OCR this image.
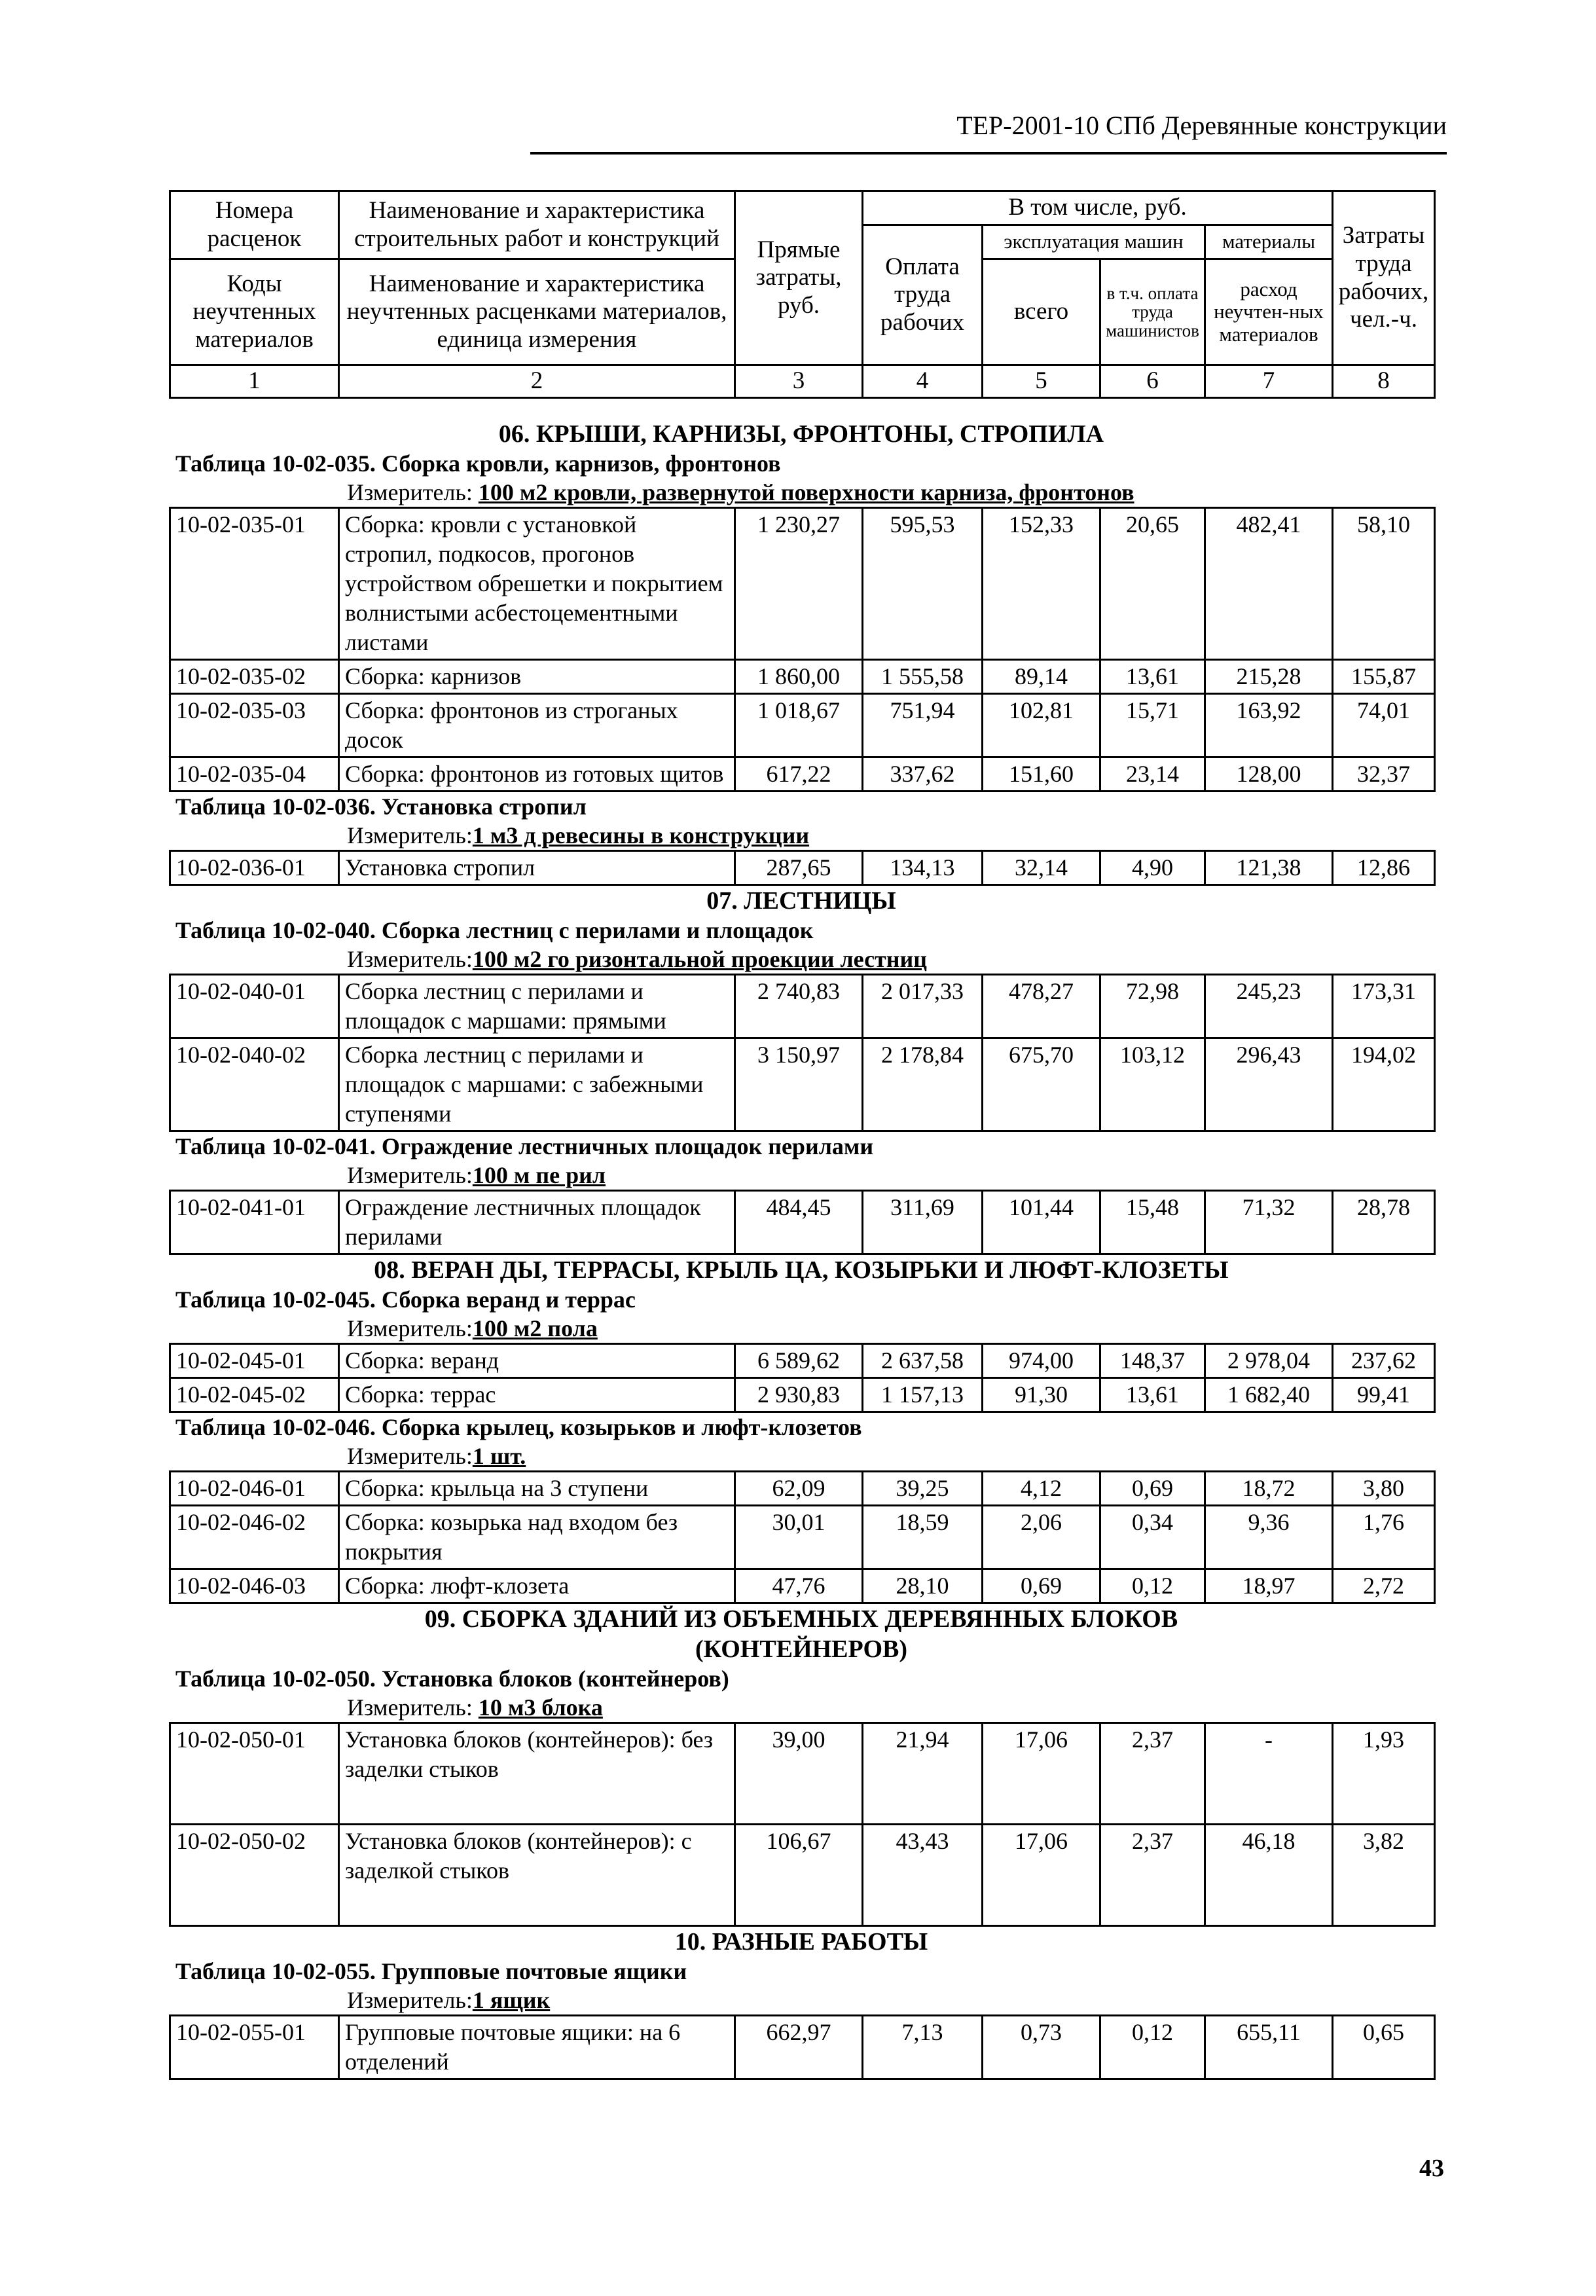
ТЕР-2001-10 СПб Деревянные конструкции
Номера расценок	Наименование и характеристика строительных работ и конструкций	Прямые затраты, руб.	В том числе, руб.				Затраты труда рабочих, чел.-ч.
			Оплата труда рабочих	эксплуатация машин		материалы	
Коды неучтенных материалов	Наименование и характеристика неучтенных расценками материалов, единица измерения			всего	в т.ч. оплата труда машинистов	расход неучтен-ных материалов	

1	2	3	4	5	6	7	8
06. КРЫШИ, КАРНИЗЫ, ФРОНТОНЫ, СТРОПИЛА
Таблица 10-02-035. Сборка кровли, карнизов, фронтонов
Измеритель: 100 м2 кровли, развернутой поверхности карниза, фронтонов
10-02-035-01	Сборка: кровли с установкой стропил, подкосов, прогонов устройством обрешетки и покрытием волнистыми асбестоцементными листами	1 230,27	595,53	152,33	20,65	482,41	58,10
10-02-035-02	Сборка: карнизов	1 860,00	1 555,58	89,14	13,61	215,28	155,87
10-02-035-03	Сборка: фронтонов из строганых досок	1 018,67	751,94	102,81	15,71	163,92	74,01
10-02-035-04	Сборка: фронтонов из готовых щитов	617,22	337,62	151,60	23,14	128,00	32,37
Таблица 10-02-036. Установка стропил
Измеритель:1 м3 д ревесины в конструкции
10-02-036-01	Установка стропил	287,65	134,13	32,14	4,90	121,38	12,86
07. ЛЕСТНИЦЫ
Таблица 10-02-040. Сборка лестниц с перилами и площадок
Измеритель:100 м2 го ризонтальной проекции лестниц
10-02-040-01	Сборка лестниц с перилами и площадок с маршами: прямыми	2 740,83	2 017,33	478,27	72,98	245,23	173,31
10-02-040-02	Сборка лестниц с перилами и площадок с маршами: с забежными ступенями	3 150,97	2 178,84	675,70	103,12	296,43	194,02
Таблица 10-02-041. Ограждение лестничных площадок перилами
Измеритель:100 м пе рил
10-02-041-01	Ограждение лестничных площадок перилами	484,45	311,69	101,44	15,48	71,32	28,78
08. ВЕРАН ДЫ, ТЕРРАСЫ, КРЫЛЬ ЦА, КОЗЫРЬКИ И ЛЮФТ-КЛОЗЕТЫ
Таблица 10-02-045. Сборка веранд и террас
Измеритель:100 м2 пола
10-02-045-01	Сборка: веранд	6 589,62	2 637,58	974,00	148,37	2 978,04	237,62
10-02-045-02	Сборка: террас	2 930,83	1 157,13	91,30	13,61	1 682,40	99,41
Таблица 10-02-046. Сборка крылец, козырьков и люфт-клозетов
Измеритель:1 шт.
10-02-046-01	Сборка: крыльца на 3 ступени	62,09	39,25	4,12	0,69	18,72	3,80
10-02-046-02	Сборка: козырька над входом без покрытия	30,01	18,59	2,06	0,34	9,36	1,76
10-02-046-03	Сборка: люфт-клозета	47,76	28,10	0,69	0,12	18,97	2,72
09. СБОРКА ЗДАНИЙ ИЗ ОБЪЕМНЫХ ДЕРЕВЯННЫХ БЛОКОВ
(КОНТЕЙНЕРОВ)
Таблица 10-02-050. Установка блоков (контейнеров)
Измеритель: 10 м3 блока
10-02-050-01	Установка блоков (контейнеров): без заделки стыков	39,00	21,94	17,06	2,37	-	1,93
10-02-050-02	Установка блоков (контейнеров): с заделкой стыков	106,67	43,43	17,06	2,37	46,18	3,82
10. РАЗНЫЕ РАБОТЫ
Таблица 10-02-055. Групповые почтовые ящики
Измеритель:1 ящик
10-02-055-01	Групповые почтовые ящики: на 6 отделений	662,97	7,13	0,73	0,12	655,11	0,65
43
